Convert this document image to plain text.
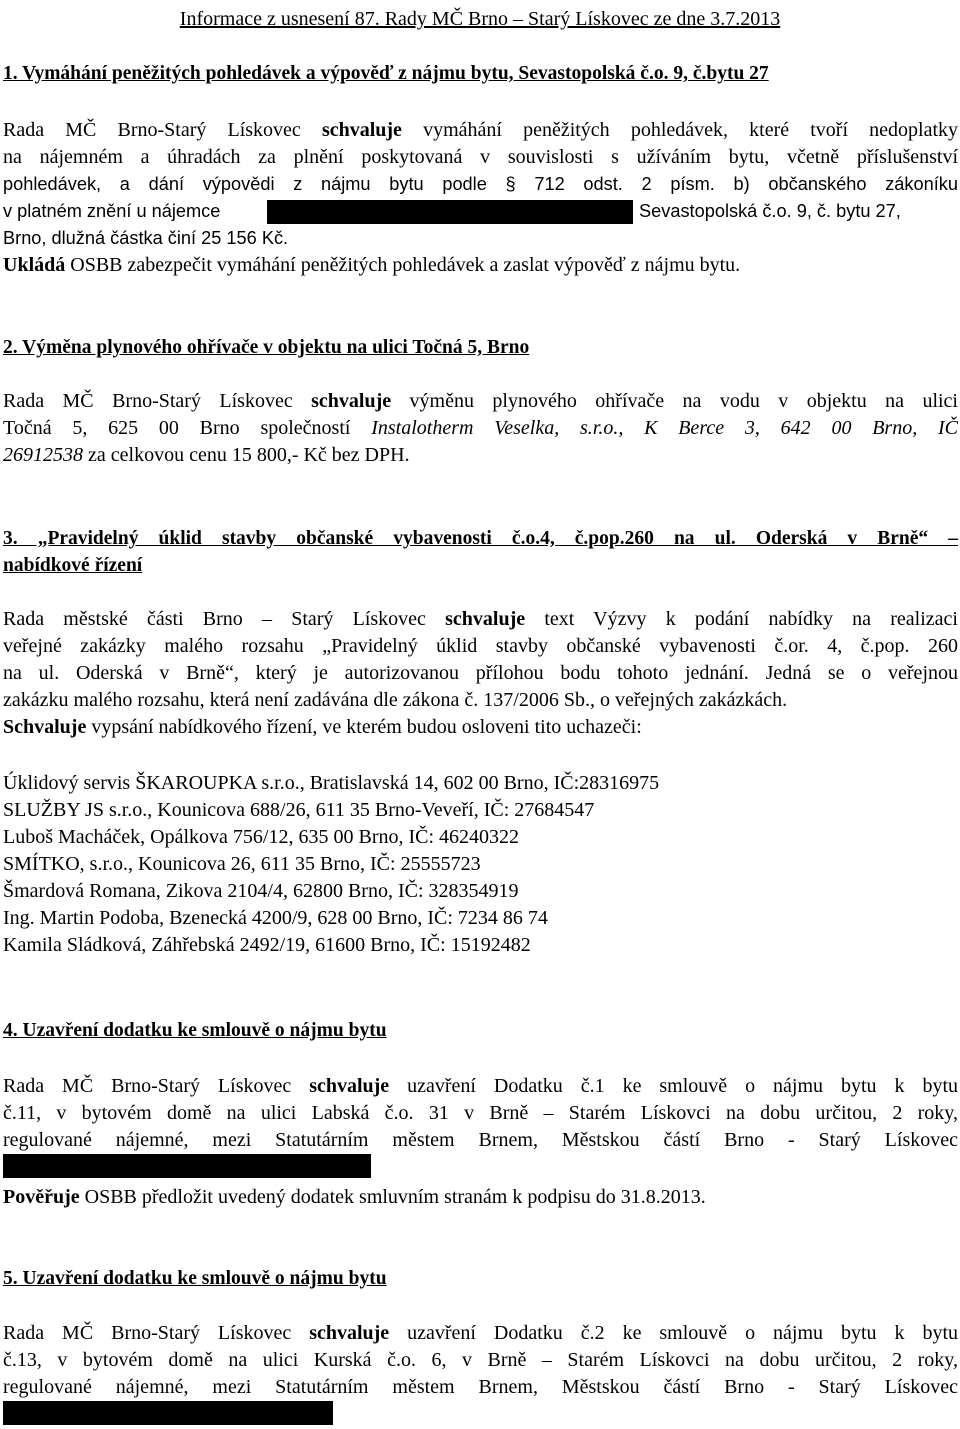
Informace z usnesení 87. Rady MČ Brno – Starý Lískovec ze dne 3.7.2013
1. Vymáhání peněžitých pohledávek a výpověď z nájmu bytu, Sevastopolská č.o. 9, č.bytu 27
Rada MČ Brno-Starý Lískovec schvaluje vymáhání peněžitých pohledávek, které tvoří nedoplatky
na nájemném a úhradách za plnění poskytovaná v souvislosti s užíváním bytu, včetně příslušenství
pohledávek, a dání výpovědi z nájmu bytu podle § 712 odst. 2 písm. b) občanského zákoníku
v platném znění u nájemce	Sevastopolská č.o. 9, č. bytu 27,
Brno, dlužná částka činí 25 156 Kč.
Ukládá OSBB zabezpečit vymáhání peněžitých pohledávek a zaslat výpověď z nájmu bytu.
2. Výměna plynového ohřívače v objektu na ulici Točná 5, Brno
Rada MČ Brno-Starý Lískovec schvaluje výměnu plynového ohřívače na vodu v objektu na ulici
Točná 5, 625 00 Brno společností Instalotherm Veselka, s.r.o., K Berce 3, 642 00 Brno, IČ
26912538 za celkovou cenu 15 800,- Kč bez DPH.
3. „Pravidelný úklid stavby občanské vybavenosti č.o.4, č.pop.260 na ul. Oderská v Brně“ –
nabídkové řízení
Rada městské části Brno – Starý Lískovec schvaluje text Výzvy k podání nabídky na realizaci
veřejné zakázky malého rozsahu „Pravidelný úklid stavby občanské vybavenosti č.or. 4, č.pop. 260
na ul. Oderská v Brně“, který je autorizovanou přílohou bodu tohoto jednání. Jedná se o veřejnou
zakázku malého rozsahu, která není zadávána dle zákona č. 137/2006 Sb., o veřejných zakázkách.
Schvaluje vypsání nabídkového řízení, ve kterém budou osloveni tito uchazeči:
Úklidový servis ŠKAROUPKA s.r.o., Bratislavská 14, 602 00 Brno, IČ:28316975
SLUŽBY JS s.r.o., Kounicova 688/26, 611 35 Brno-Veveří, IČ: 27684547
Luboš Macháček, Opálkova 756/12, 635 00 Brno, IČ: 46240322
SMÍTKO, s.r.o., Kounicova 26, 611 35 Brno, IČ: 25555723
Šmardová Romana, Zikova 2104/4, 62800 Brno, IČ: 328354919
Ing. Martin Podoba, Bzenecká 4200/9, 628 00 Brno, IČ: 7234 86 74
Kamila Sládková, Záhřebská 2492/19, 61600 Brno, IČ: 15192482
4. Uzavření dodatku ke smlouvě o nájmu bytu
Rada MČ Brno-Starý Lískovec schvaluje uzavření Dodatku č.1 ke smlouvě o nájmu bytu k bytu
č.11, v bytovém domě na ulici Labská č.o. 31 v Brně – Starém Lískovci na dobu určitou, 2 roky,
regulované nájemné, mezi Statutárním městem Brnem, Městskou částí Brno - Starý Lískovec
Pověřuje OSBB předložit uvedený dodatek smluvním stranám k podpisu do 31.8.2013.
5. Uzavření dodatku ke smlouvě o nájmu bytu
Rada MČ Brno-Starý Lískovec schvaluje uzavření Dodatku č.2 ke smlouvě o nájmu bytu k bytu
č.13, v bytovém domě na ulici Kurská č.o. 6, v Brně – Starém Lískovci na dobu určitou, 2 roky,
regulované nájemné, mezi Statutárním městem Brnem, Městskou částí Brno - Starý Lískovec
